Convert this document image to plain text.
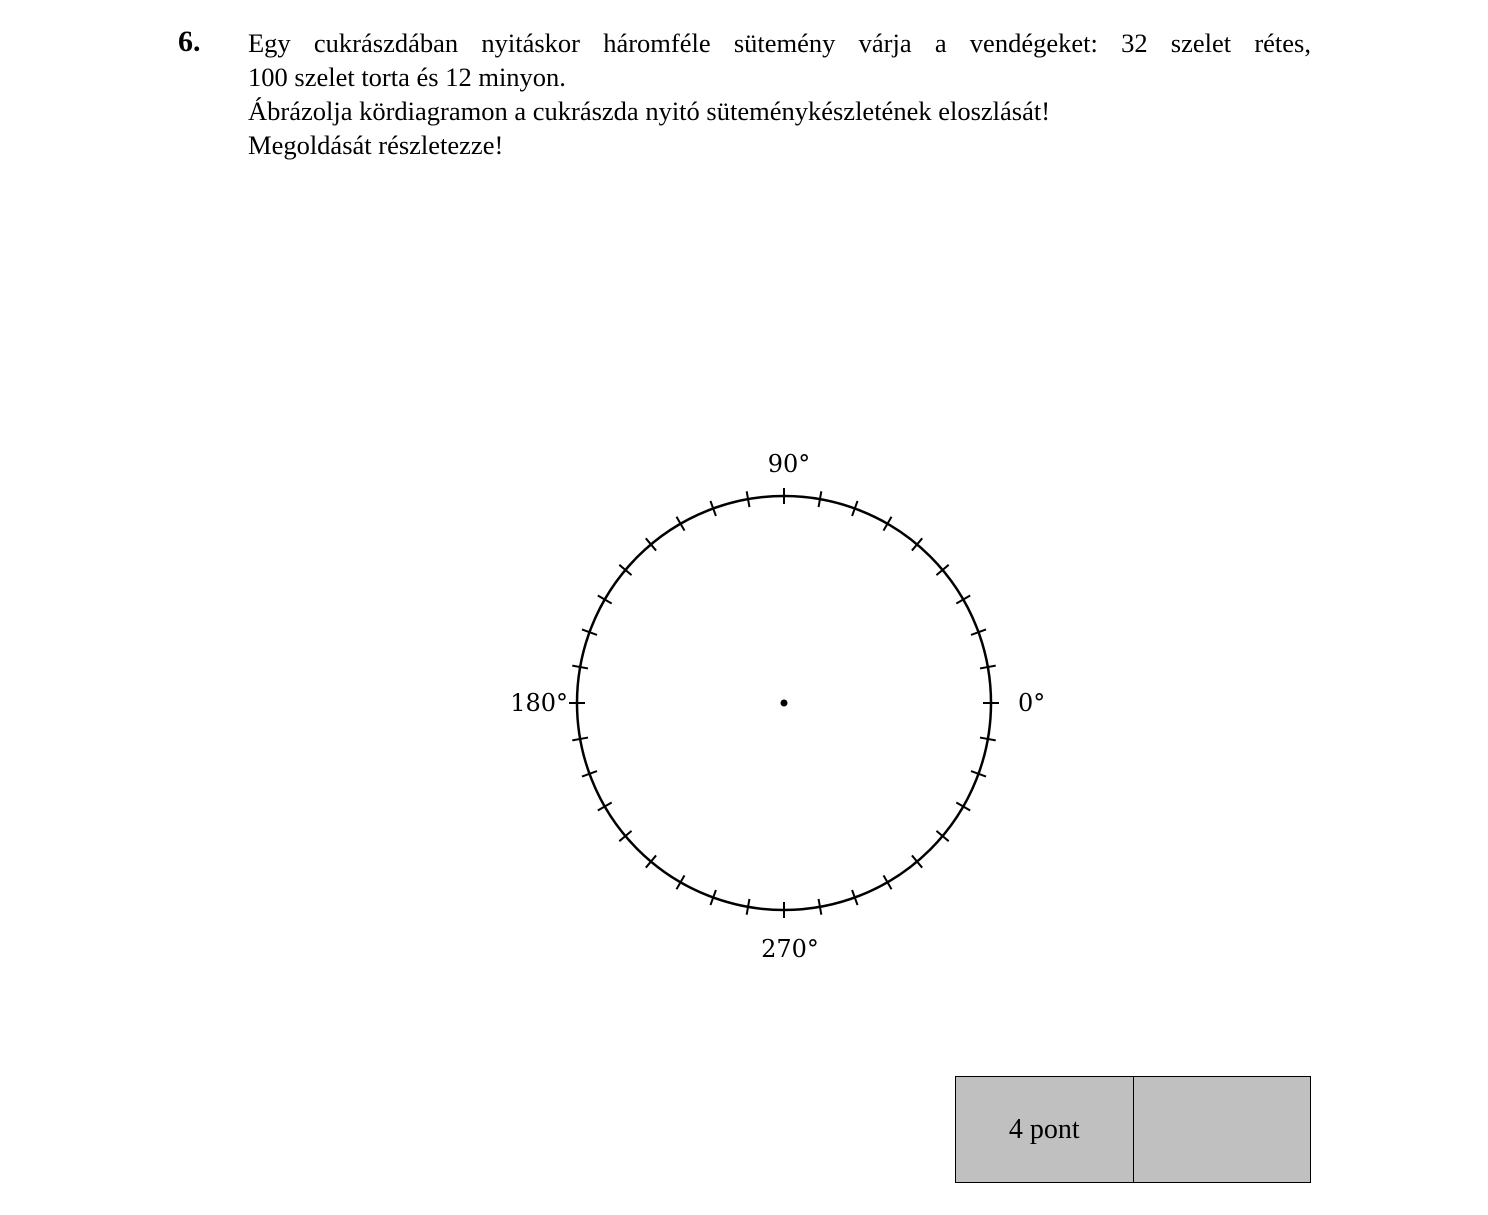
6. Egy cukrászdában nyitáskor háromféle sütemény várja a vendégeket: 32 szelet rétes,

100 szelet torta és 12 minyon.

Ábrázolja kördiagramon a cukrászda nyitó süteménykészletének eloszlását!

Megoldását részletezze!

90°
0°
180°
270°
4 pont
